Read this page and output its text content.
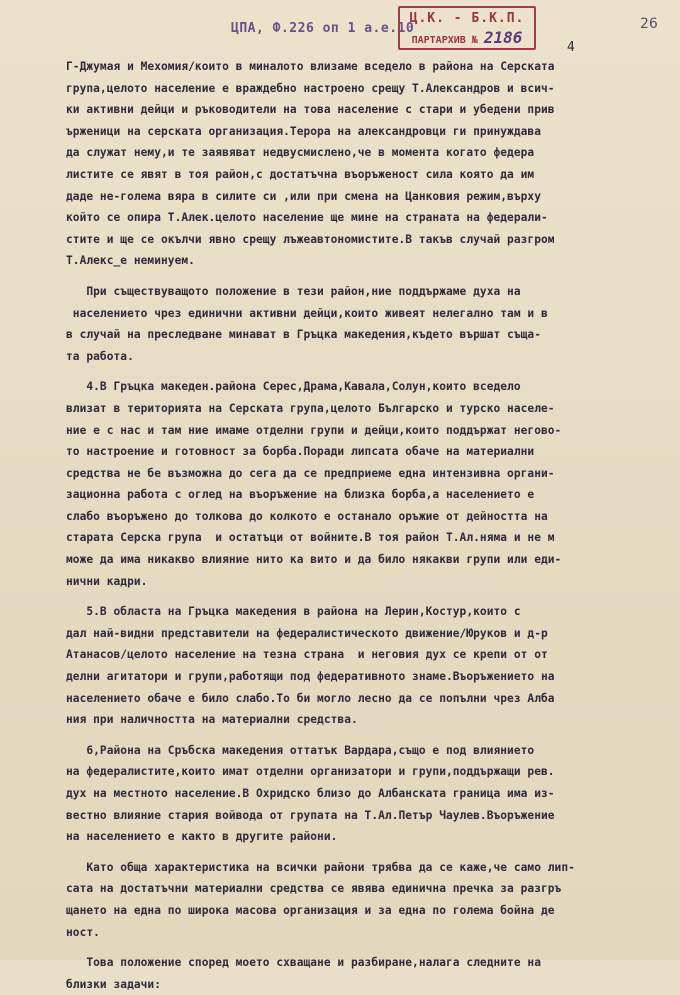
ЦПА, Ф.226 оп 1 а.е.10
Ц.К. - Б.К.П.
ПАРТАРХИВ № 2186
26
4
Г-Джумая и Мехомия/които в миналото влизаме вседело в района на Серската
група,целото население е враждебно настроено срещу Т.Александров и всич-
ки активни дейци и ръководители на това население с стари и убедени прив
ърженици на серската организация.Терора на александровци ги принуждава
да служат нему,и те заявяват недвусмислено,че в момента когато федера
листите се явят в тоя район,с достатъчна въоръженост сила която да им
даде не-голема вяра в силите си ,или при смена на Цанковия режим,върху
който се опира Т.Алек.целото население ще мине на страната на федерали-
стите и ще се окълчи явно срещу лъжеавтономистите.В такъв случай разгром
Т.Алекс_е неминуем.
При съществуващото положение в тези район,ние поддържаме духа на
населението чрез единични активни дейци,които живеят нелегално там и в
в случай на преследване минават в Гръцка македения,където вършат съща-
та работа.
4.В Гръцка македен.района Серес,Драма,Кавала,Солун,които вседело
влизат в територията на Серската група,целото Българско и турско населе-
ние е с нас и там ние имаме отделни групи и дейци,които поддържат негово-
то настроение и готовност за борба.Поради липсата обаче на материални
средства не бе възможна до сега да се предприеме една интензивна органи-
зационна работа с оглед на въоръжение на близка борба,а населението е
слабо въоръжено до толкова до колкото е останало оръжие от дейността на
старата Серска група  и остатъци от войните.В тоя район Т.Ал.няма и не м
може да има никакво влияние нито ка вито и да било някакви групи или еди-
нични кадри.
5.В областа на Гръцка македения в района на Лерин,Костур,които с
дал най-видни представители на федералистическото движение/Юруков и д-р
Атанасов/целото население на тезна страна  и неговия дух се крепи от от
делни агитатори и групи,работящи под федеративното знаме.Въоръжението на
населението обаче е било слабо.То би могло лесно да се попълни чрез Албa
ния при наличността на материални средства.
6,Района на Сръбска македения оттатък Вардара,също е под влиянието
на федералистите,които имат отделни организатори и групи,поддържащи рев.
дух на местното население.В Охридско близо до Албанската граница има из-
вестно влияние стария войвода от групата на Т.Ал.Петър Чаулев.Въоръжение
на населението е както в другите райони.
Като обща характеристика на всички райони трябва да се каже,че само лип-
сата на достатъчни материални средства се явява единична пречка за разгръ
щането на една по широка масова организация и за една по голема бойна де
ност.
Това положение според моето схващане и разбиране,налага следните на
близки задачи:
